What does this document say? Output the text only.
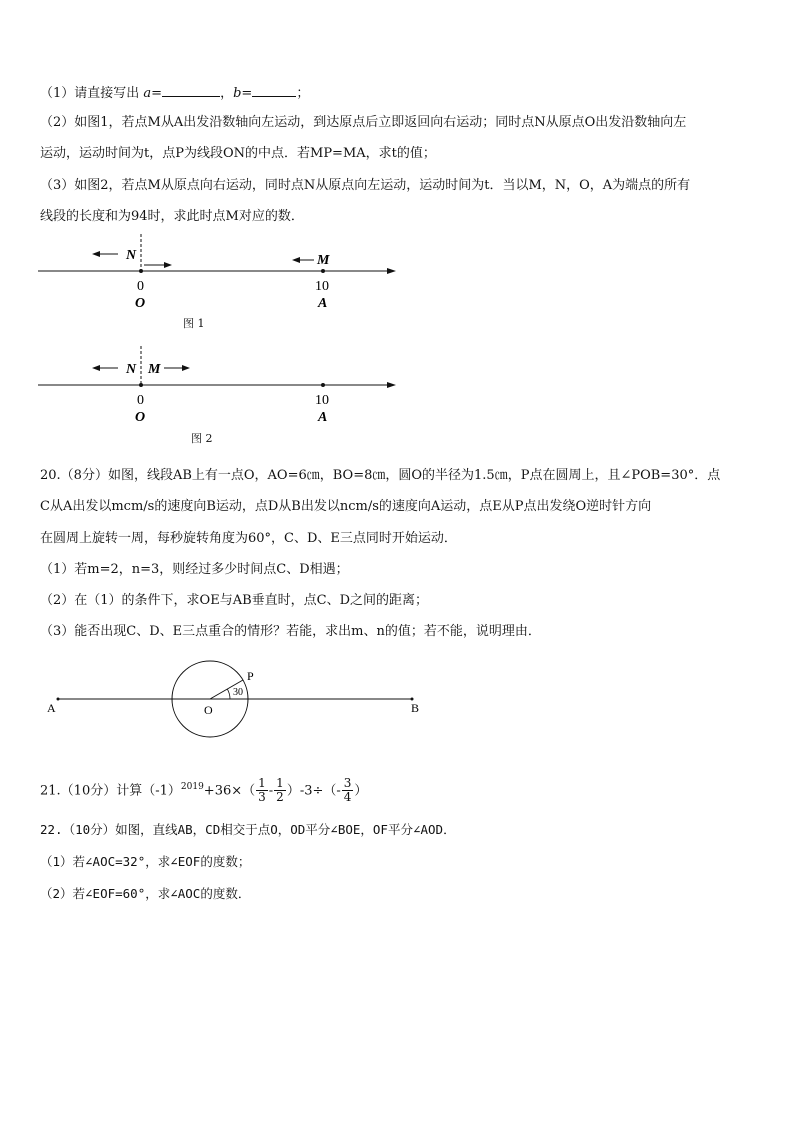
（1）请直接写出 a=	，b=	；
（2）如图1，若点M从A出发沿数轴向左运动，到达原点后立即返回向右运动；同时点N从原点O出发沿数轴向左
运动，运动时间为t，点P为线段ON的中点．若MP=MA，求t的值；
（3）如图2，若点M从原点向右运动，同时点N从原点向左运动，运动时间为t．当以M，N，O，A为端点的所有
线段的长度和为94时，求此时点M对应的数．
N	M
0	10
O	A
图 1
N M
0	10
O	A
图 2
20.（8分）如图，线段AB上有一点O，AO=6㎝，BO=8㎝，圆O的半径为1.5㎝，P点在圆周上，且∠POB=30°．点
C从A出发以mcm/s的速度向B运动，点D从B出发以ncm/s的速度向A运动，点E从P点出发绕O逆时针方向
在圆周上旋转一周，每秒旋转角度为60°，C、D、E三点同时开始运动．
（1）若m=2，n=3，则经过多少时间点C、D相遇；
（2）在（1）的条件下，求OE与AB垂直时，点C、D之间的距离；
（3）能否出现C、D、E三点重合的情形？若能，求出m、n的值；若不能，说明理由．
A	O	B
P
30
21.（10分）计算$(-1)^{2019}+36\times( \frac{1}{3} - \frac{1}{2} )-3\div(- \frac{3}{4}$ ）
22.（10分）如图，直线AB，CD相交于点O，OD平分∠BOE，OF平分∠AOD．
（1）若∠AOC=32°，求∠EOF的度数；
（2）若∠EOF=60°，求∠AOC的度数．
